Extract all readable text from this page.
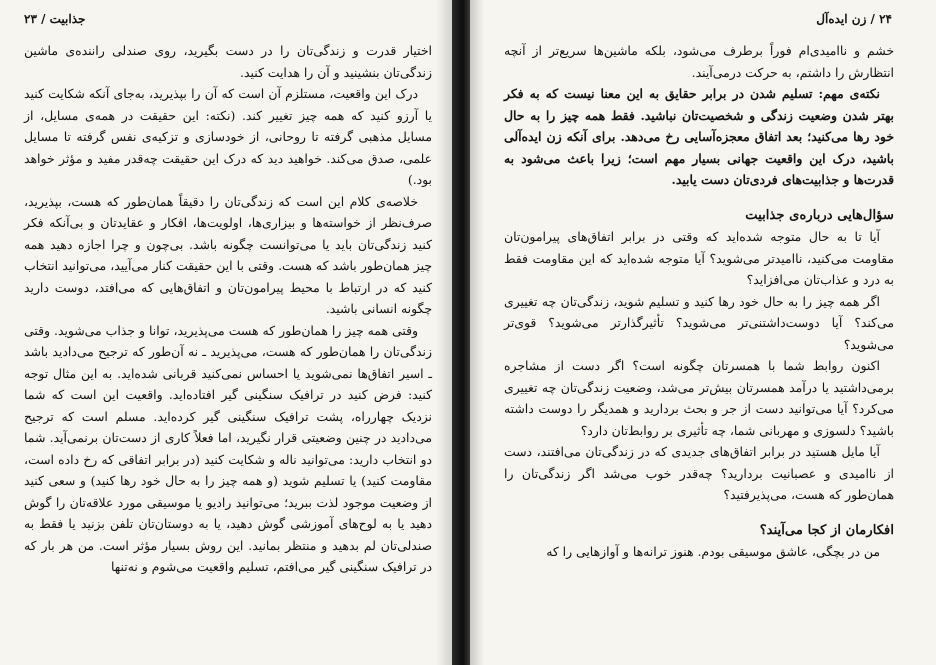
جذابیت / ۲۳

اختیار قدرت و زندگی‌تان را در دست بگیرید، روی صندلی راننده‌ی ماشین زندگی‌تان بنشینید و آن را هدایت کنید.

درک این واقعیت، مستلزم آن است که آن را بپذیرید، به‌جای آنکه شکایت کنید یا آرزو کنید که همه چیز تغییر کند. (نکته: این حقیقت در همه‌ی مسایل، از مسایل مذهبی گرفته تا روحانی، از خودسازی و تزکیه‌ی نفس گرفته تا مسایل علمی، صدق می‌کند. خواهید دید که درک این حقیقت چه‌قدر مفید و مؤثر خواهد بود.)

خلاصه‌ی کلام این است که زندگی‌تان را دقیقاً همان‌طور که هست، بپذیرید، صرف‌نظر از خواسته‌ها و بیزاری‌ها، اولویت‌ها، افکار و عقایدتان و بی‌آنکه فکر کنید زندگی‌تان باید یا می‌توانست چگونه باشد. بی‌چون و چرا اجازه دهید همه چیز همان‌طور باشد که هست. وقتی با این حقیقت کنار می‌آیید، می‌توانید انتخاب کنید که در ارتباط با محیط پیرامون‌تان و اتفاق‌هایی که می‌افتد، دوست دارید چگونه انسانی باشید.

وقتی همه چیز را همان‌طور که هست می‌پذیرید، توانا و جذاب می‌شوید. وقتی زندگی‌تان را همان‌طور که هست، می‌پذیرید ـ نه آن‌طور که ترجیح می‌دادید باشد ـ اسیر اتفاق‌ها نمی‌شوید یا احساس نمی‌کنید قربانی شده‌اید. به این مثال توجه کنید: فرض کنید در ترافیک سنگینی گیر افتاده‌اید. واقعیت این است که شما نزدیک چهارراه، پشت ترافیک سنگینی گیر کرده‌اید. مسلم است که ترجیح می‌دادید در چنین وضعیتی قرار نگیرید، اما فعلاً کاری از دست‌تان برنمی‌آید. شما دو انتخاب دارید: می‌توانید ناله و شکایت کنید (در برابر اتفاقی که رخ داده است، مقاومت کنید) یا تسلیم شوید (و همه چیز را به حال خود رها کنید) و سعی کنید از وضعیت موجود لذت ببرید؛ می‌توانید رادیو یا موسیقی مورد علاقه‌تان را گوش دهید یا به لوح‌های آموزشی گوش دهید، یا به دوستان‌تان تلفن بزنید یا فقط به صندلی‌تان لم بدهید و منتظر بمانید. این روش بسیار مؤثر است. من هر بار که در ترافیک سنگینی گیر می‌افتم، تسلیم واقعیت می‌شوم و نه‌تنها

۲۴ / زن ایده‌آل

خشم و ناامیدی‌ام فوراً برطرف می‌شود، بلکه ماشین‌ها سریع‌تر از آنچه انتظارش را داشتم، به حرکت درمی‌آیند.

نکته‌ی مهم: تسلیم شدن در برابر حقایق به این معنا نیست که به فکر بهتر شدن وضعیت زندگی و شخصیت‌تان نباشید. فقط همه چیز را به حال خود رها می‌کنید؛ بعد اتفاق معجزه‌آسایی رخ می‌دهد. برای آنکه زن ایده‌آلی باشید، درک این واقعیت جهانی بسیار مهم است؛ زیرا باعث می‌شود به قدرت‌ها و جذابیت‌های فردی‌تان دست یابید.

سؤال‌هایی درباره‌ی جذابیت

آیا تا به حال متوجه شده‌اید که وقتی در برابر اتفاق‌های پیرامون‌تان مقاومت می‌کنید، ناامیدتر می‌شوید؟ آیا متوجه شده‌اید که این مقاومت فقط به درد و عذاب‌تان می‌افزاید؟

اگر همه چیز را به حال خود رها کنید و تسلیم شوید، زندگی‌تان چه تغییری می‌کند؟ آیا دوست‌داشتنی‌تر می‌شوید؟ تأثیرگذارتر می‌شوید؟ قوی‌تر می‌شوید؟

اکنون روابط شما با همسرتان چگونه است؟ اگر دست از مشاجره برمی‌داشتید یا درآمد همسرتان بیش‌تر می‌شد، وضعیت زندگی‌تان چه تغییری می‌کرد؟ آیا می‌توانید دست از جر و بحث بردارید و همدیگر را دوست داشته باشید؟ دلسوزی و مهربانی شما، چه تأثیری بر روابط‌تان دارد؟

آیا مایل هستید در برابر اتفاق‌های جدیدی که در زندگی‌تان می‌افتند، دست از ناامیدی و عصبانیت بردارید؟ چه‌قدر خوب می‌شد اگر زندگی‌تان را همان‌طور که هست، می‌پذیرفتید؟

افکارمان از کجا می‌آیند؟

من در بچگی، عاشق موسیقی بودم. هنوز ترانه‌ها و آوازهایی را که
